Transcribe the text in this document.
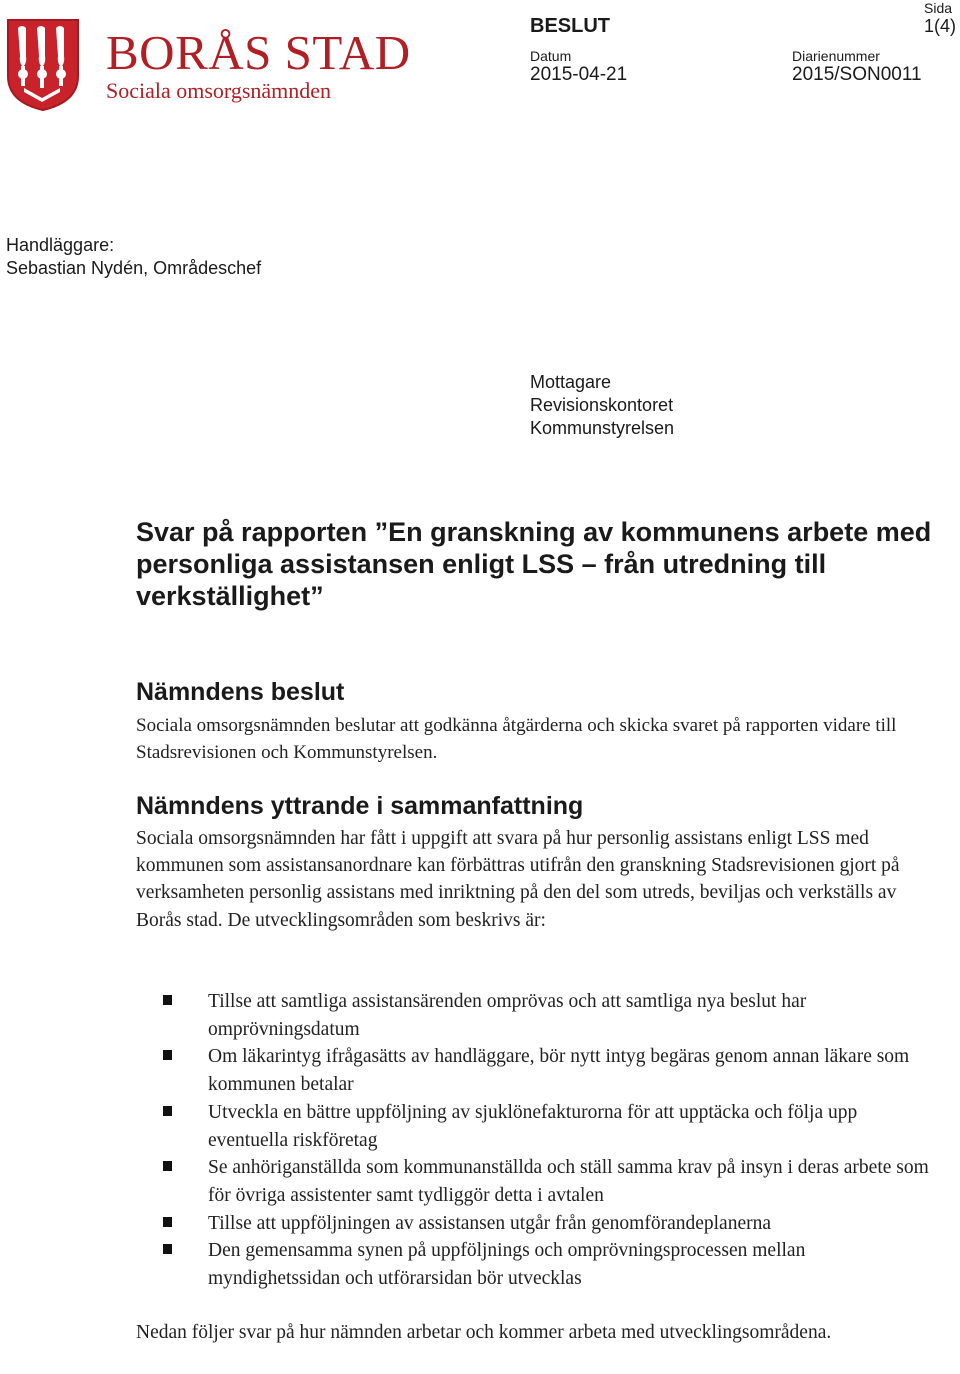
BORÅS STAD
Sociala omsorgsnämnden
BESLUT
Sida
1(4)
Datum
2015-04-21
Diarienummer
2015/SON0011
Handläggare:
Sebastian Nydén, Områdeschef
Mottagare
Revisionskontoret
Kommunstyrelsen
Svar på rapporten ”En granskning av kommunens arbete med personliga assistansen enligt LSS – från utredning till verkställighet”
Nämndens beslut
Sociala omsorgsnämnden beslutar att godkänna åtgärderna och skicka svaret på rapporten vidare till Stadsrevisionen och Kommunstyrelsen.
Nämndens yttrande i sammanfattning
Sociala omsorgsnämnden har fått i uppgift att svara på hur personlig assistans enligt LSS med kommunen som assistansanordnare kan förbättras utifrån den granskning Stadsrevisionen gjort på verksamheten personlig assistans med inriktning på den del som utreds, beviljas och verkställs av Borås stad. De utvecklingsområden som beskrivs är:
Tillse att samtliga assistansärenden omprövas och att samtliga nya beslut har omprövningsdatum
Om läkarintyg ifrågasätts av handläggare, bör nytt intyg begäras genom annan läkare som kommunen betalar
Utveckla en bättre uppföljning av sjuklönefakturorna för att upptäcka och följa upp eventuella riskföretag
Se anhöriganställda som kommunanställda och ställ samma krav på insyn i deras arbete som för övriga assistenter samt tydliggör detta i avtalen
Tillse att uppföljningen av assistansen utgår från genomförandeplanerna
Den gemensamma synen på uppföljnings och omprövningsprocessen mellan myndighetssidan och utförarsidan bör utvecklas
Nedan följer svar på hur nämnden arbetar och kommer arbeta med utvecklingsområdena.
